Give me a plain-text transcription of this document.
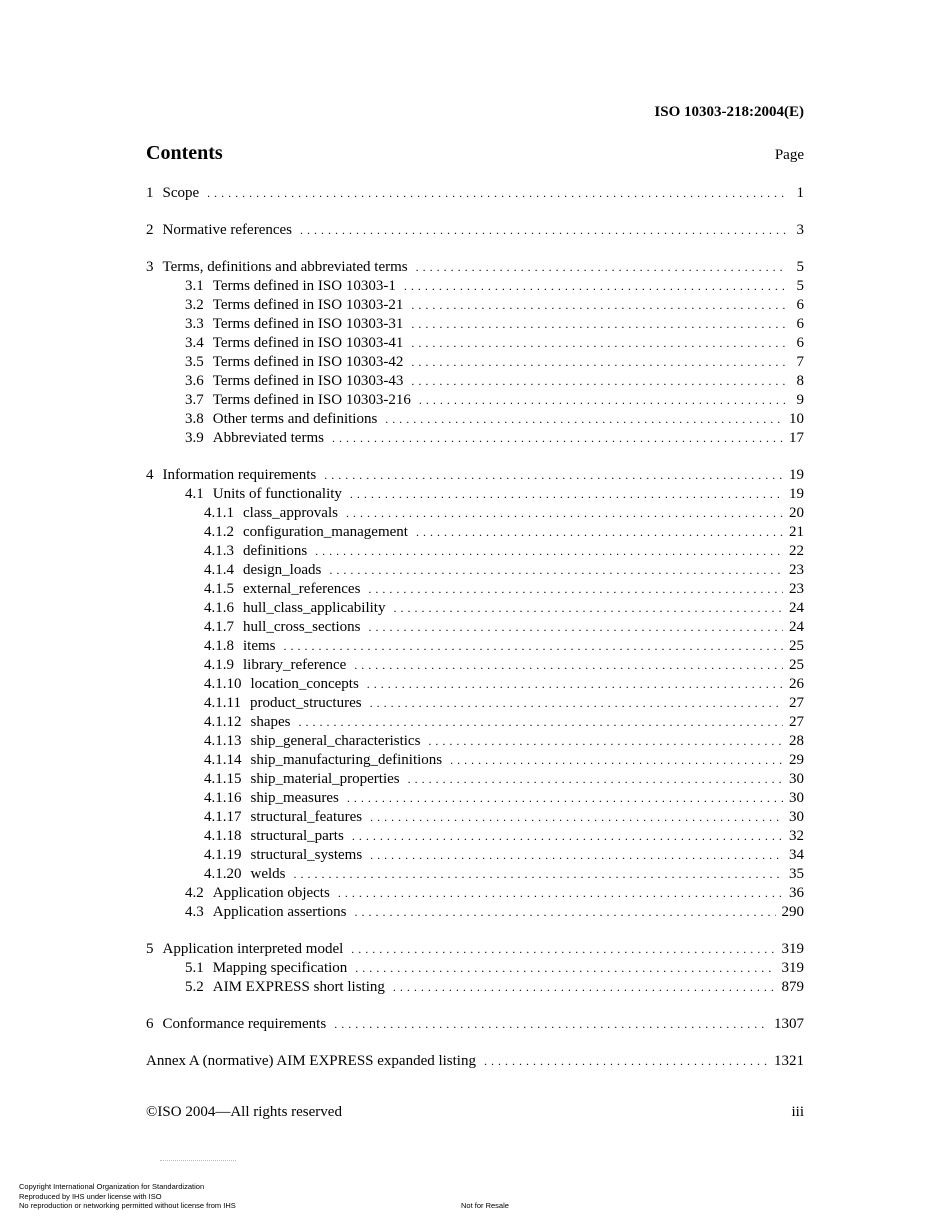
ISO 10303-218:2004(E)
Contents	Page
1 Scope . . .	1
2 Normative references . . .	3
3 Terms, definitions and abbreviated terms . . .	5
3.1 Terms defined in ISO 10303-1 . . .	5
3.2 Terms defined in ISO 10303-21 . . .	6
3.3 Terms defined in ISO 10303-31 . . .	6
3.4 Terms defined in ISO 10303-41 . . .	6
3.5 Terms defined in ISO 10303-42 . . .	7
3.6 Terms defined in ISO 10303-43 . . .	8
3.7 Terms defined in ISO 10303-216 . . .	9
3.8 Other terms and definitions . . .	10
3.9 Abbreviated terms . . .	17
4 Information requirements . . .	19
4.1 Units of functionality . . .	19
4.1.1 class_approvals . . .	20
4.1.2 configuration_management . . .	21
4.1.3 definitions . . .	22
4.1.4 design_loads . . .	23
4.1.5 external_references . . .	23
4.1.6 hull_class_applicability . . .	24
4.1.7 hull_cross_sections . . .	24
4.1.8 items . . .	25
4.1.9 library_reference . . .	25
4.1.10 location_concepts . . .	26
4.1.11 product_structures . . .	27
4.1.12 shapes . . .	27
4.1.13 ship_general_characteristics . . .	28
4.1.14 ship_manufacturing_definitions . . .	29
4.1.15 ship_material_properties . . .	30
4.1.16 ship_measures . . .	30
4.1.17 structural_features . . .	30
4.1.18 structural_parts . . .	32
4.1.19 structural_systems . . .	34
4.1.20 welds . . .	35
4.2 Application objects . . .	36
4.3 Application assertions . . .	290
5 Application interpreted model . . .	319
5.1 Mapping specification . . .	319
5.2 AIM EXPRESS short listing . . .	879
6 Conformance requirements . . .	1307
Annex A (normative) AIM EXPRESS expanded listing . . .	1321
©ISO 2004—All rights reserved	iii
Copyright International Organization for Standardization
Reproduced by IHS under license with ISO
No reproduction or networking permitted without license from IHS	Not for Resale
